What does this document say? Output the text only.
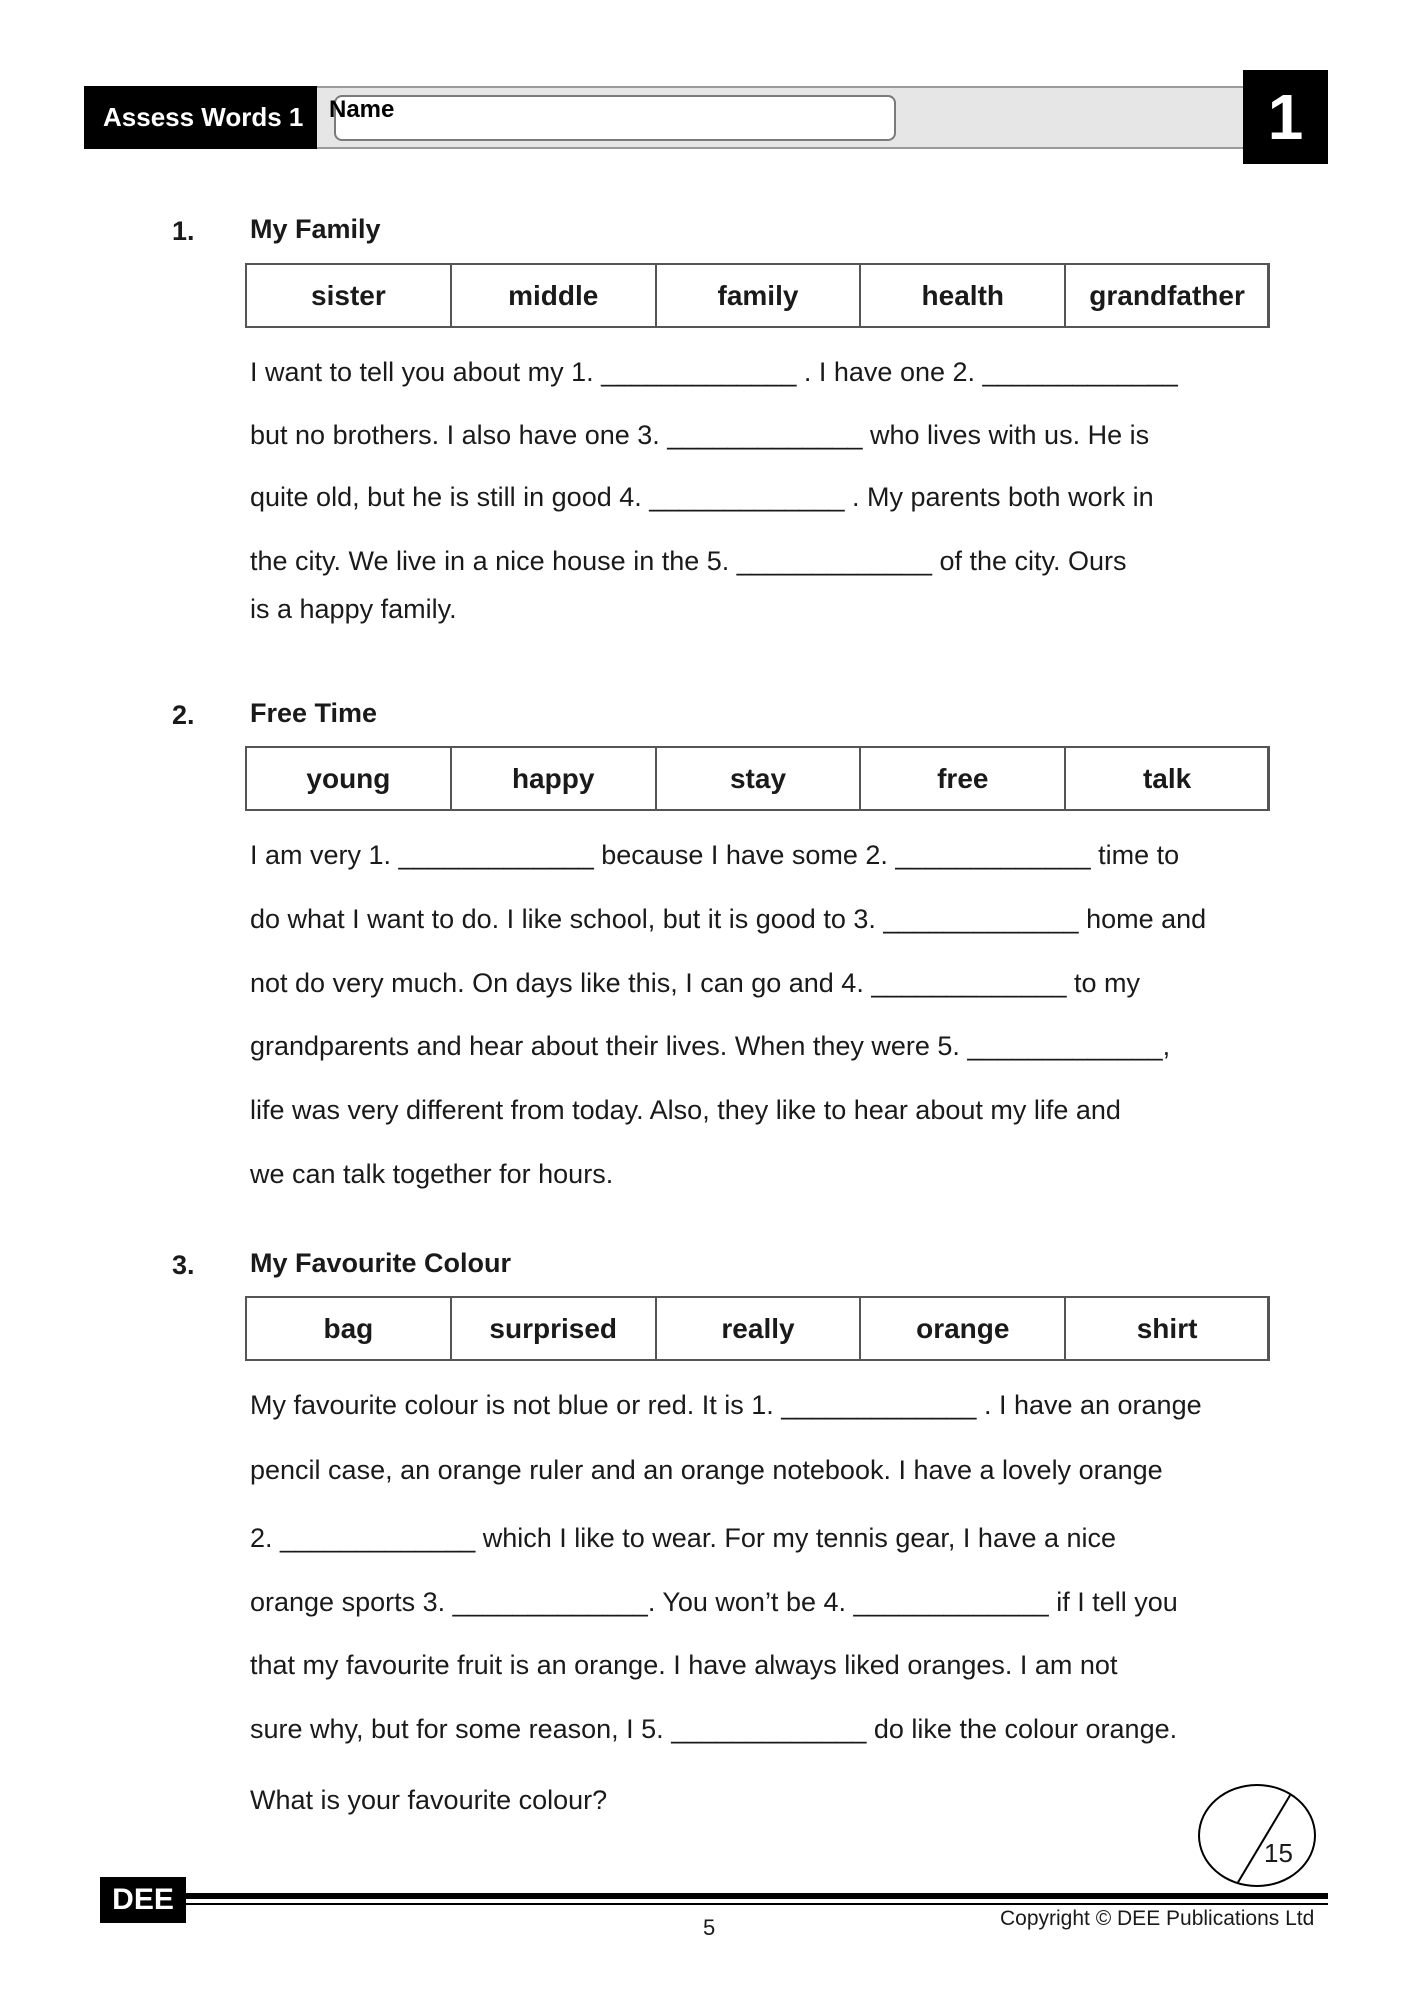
Assess Words 1	Name	1
1. My Family
sister	middle	family	health	grandfather
I want to tell you about my 1. _____________ . I have one 2. _____________
but no brothers. I also have one 3. _____________ who lives with us. He is
quite old, but he is still in good 4. _____________ . My parents both work in
the city. We live in a nice house in the 5. _____________ of the city. Ours
is a happy family.
2. Free Time
young	happy	stay	free	talk
I am very 1. _____________ because I have some 2. _____________ time to
do what I want to do. I like school, but it is good to 3. _____________ home and
not do very much. On days like this, I can go and 4. _____________ to my
grandparents and hear about their lives. When they were 5. _____________,
life was very different from today. Also, they like to hear about my life and
we can talk together for hours.
3. My Favourite Colour
bag	surprised	really	orange	shirt
My favourite colour is not blue or red. It is 1. _____________ . I have an orange
pencil case, an orange ruler and an orange notebook. I have a lovely orange
2. _____________ which I like to wear. For my tennis gear, I have a nice
orange sports 3. _____________. You won’t be 4. _____________ if I tell you
that my favourite fruit is an orange. I have always liked oranges. I am not
sure why, but for some reason, I 5. _____________ do like the colour orange.
What is your favourite colour?
15
DEE
5	Copyright © DEE Publications Ltd
